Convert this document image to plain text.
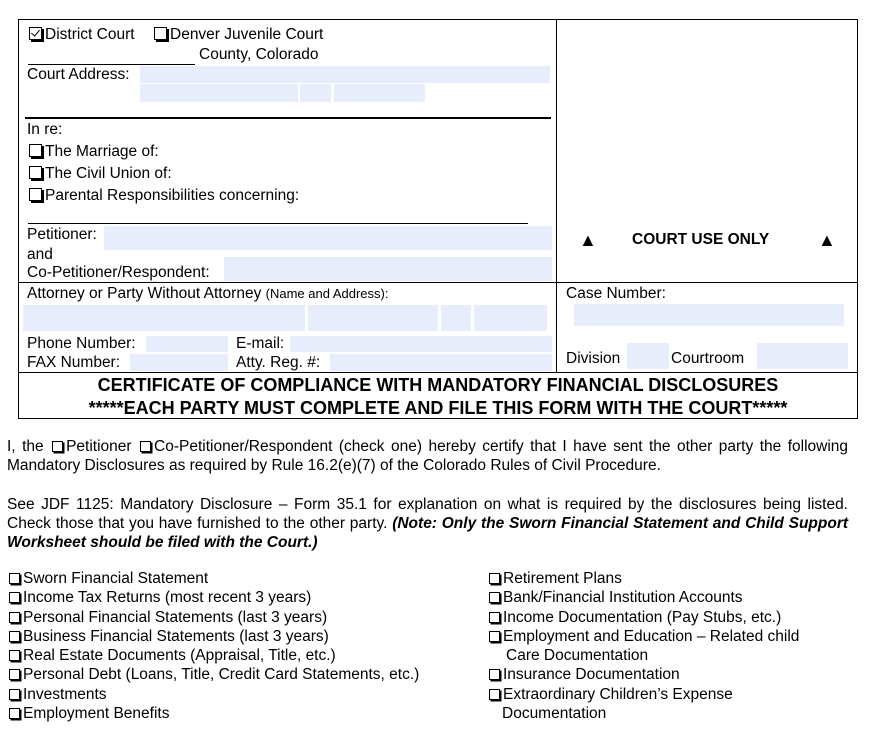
District Court	Denver Juvenile Court
County, Colorado
Court Address:
In re:
The Marriage of:
The Civil Union of:
Parental Responsibilities concerning:
Petitioner:
and
Co-Petitioner/Respondent:
▲ COURT USE ONLY	▲
Attorney or Party Without Attorney (Name and Address):
Phone Number:	E-mail:
FAX Number:	Atty. Reg. #:
Case Number:
Division	Courtroom
CERTIFICATE OF COMPLIANCE WITH MANDATORY FINANCIAL DISCLOSURES
*****EACH PARTY MUST COMPLETE AND FILE THIS FORM WITH THE COURT*****
I, the Petitioner Co-Petitioner/Respondent (check one) hereby certify that I have sent the other party the following Mandatory Disclosures as required by Rule 16.2(e)(7) of the Colorado Rules of Civil Procedure.
See JDF 1125: Mandatory Disclosure – Form 35.1 for explanation on what is required by the disclosures being listed. Check those that you have furnished to the other party. (Note: Only the Sworn Financial Statement and Child Support Worksheet should be filed with the Court.)
Sworn Financial Statement
Income Tax Returns (most recent 3 years)
Personal Financial Statements (last 3 years)
Business Financial Statements (last 3 years)
Real Estate Documents (Appraisal, Title, etc.)
Personal Debt (Loans, Title, Credit Card Statements, etc.)
Investments
Employment Benefits
Retirement Plans
Bank/Financial Institution Accounts
Income Documentation (Pay Stubs, etc.)
Employment and Education – Related child
Care Documentation
Insurance Documentation
Extraordinary Children’s Expense
Documentation
